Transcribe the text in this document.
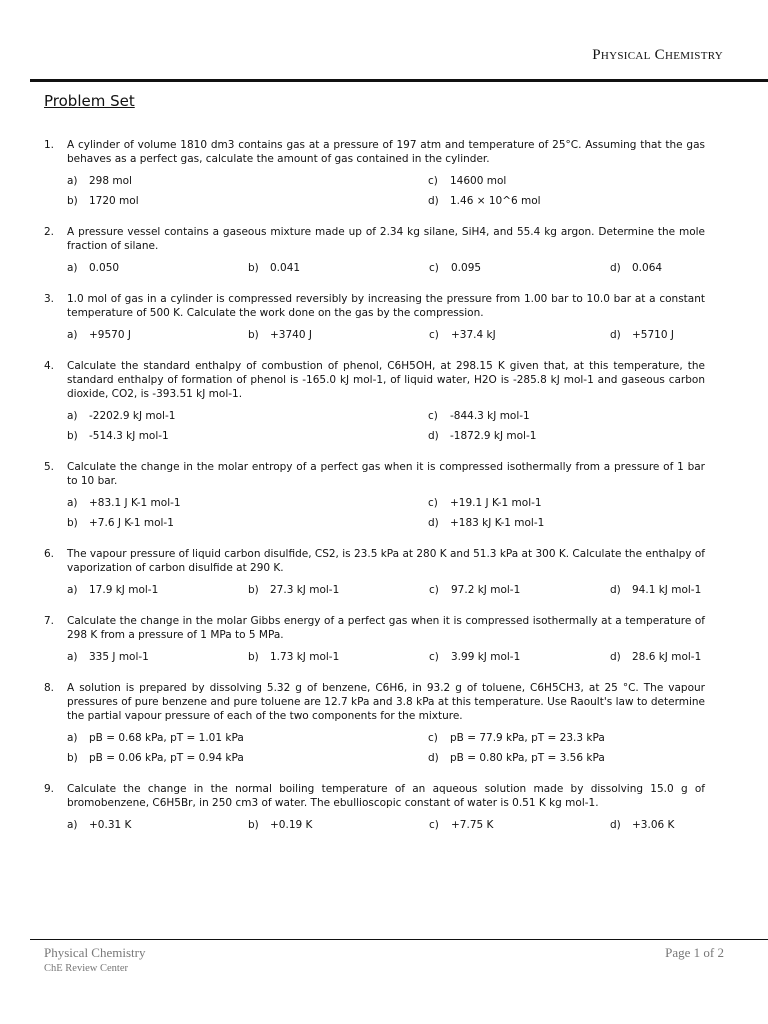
Physical Chemistry
Problem Set
1. A cylinder of volume 1810 dm3 contains gas at a pressure of 197 atm and temperature of 25°C. Assuming that the gas behaves as a perfect gas, calculate the amount of gas contained in the cylinder.
a)	298 mol	c)	14600 mol
b)	1720 mol	d)	1.46 × 10^6 mol
2. A pressure vessel contains a gaseous mixture made up of 2.34 kg silane, SiH4, and 55.4 kg argon. Determine the mole fraction of silane.
a)	0.050	b)	0.041	c)	0.095	d)	0.064
3. 1.0 mol of gas in a cylinder is compressed reversibly by increasing the pressure from 1.00 bar to 10.0 bar at a constant temperature of 500 K. Calculate the work done on the gas by the compression.
a)	+9570 J	b)	+3740 J	c)	+37.4 kJ	d)	+5710 J
4. Calculate the standard enthalpy of combustion of phenol, C6H5OH, at 298.15 K given that, at this temperature, the standard enthalpy of formation of phenol is -165.0 kJ mol-1, of liquid water, H2O is -285.8 kJ mol-1 and gaseous carbon dioxide, CO2, is -393.51 kJ mol-1.
a)	-2202.9 kJ mol-1	c)	-844.3 kJ mol-1
b)	-514.3 kJ mol-1	d)	-1872.9 kJ mol-1
5. Calculate the change in the molar entropy of a perfect gas when it is compressed isothermally from a pressure of 1 bar to 10 bar.
a)	+83.1 J K-1 mol-1	c)	+19.1 J K-1 mol-1
b)	+7.6 J K-1 mol-1	d)	+183 kJ K-1 mol-1
6. The vapour pressure of liquid carbon disulfide, CS2, is 23.5 kPa at 280 K and 51.3 kPa at 300 K. Calculate the enthalpy of vaporization of carbon disulfide at 290 K.
a)	17.9 kJ mol-1	b)	27.3 kJ mol-1	c)	97.2 kJ mol-1	d)	94.1 kJ mol-1
7. Calculate the change in the molar Gibbs energy of a perfect gas when it is compressed isothermally at a temperature of 298 K from a pressure of 1 MPa to 5 MPa.
a)	335 J mol-1	b)	1.73 kJ mol-1	c)	3.99 kJ mol-1	d)	28.6 kJ mol-1
8. A solution is prepared by dissolving 5.32 g of benzene, C6H6, in 93.2 g of toluene, C6H5CH3, at 25 °C. The vapour pressures of pure benzene and pure toluene are 12.7 kPa and 3.8 kPa at this temperature. Use Raoult's law to determine the partial vapour pressure of each of the two components for the mixture.
a)	pB = 0.68 kPa, pT = 1.01 kPa	c)	pB = 77.9 kPa, pT = 23.3 kPa
b)	pB = 0.06 kPa, pT = 0.94 kPa	d)	pB = 0.80 kPa, pT = 3.56 kPa
9. Calculate the change in the normal boiling temperature of an aqueous solution made by dissolving 15.0 g of bromobenzene, C6H5Br, in 250 cm3 of water. The ebullioscopic constant of water is 0.51 K kg mol-1.
a)	+0.31 K	b)	+0.19 K	c)	+7.75 K	d)	+3.06 K
Physical Chemistry
ChE Review Center
Page 1 of 2
